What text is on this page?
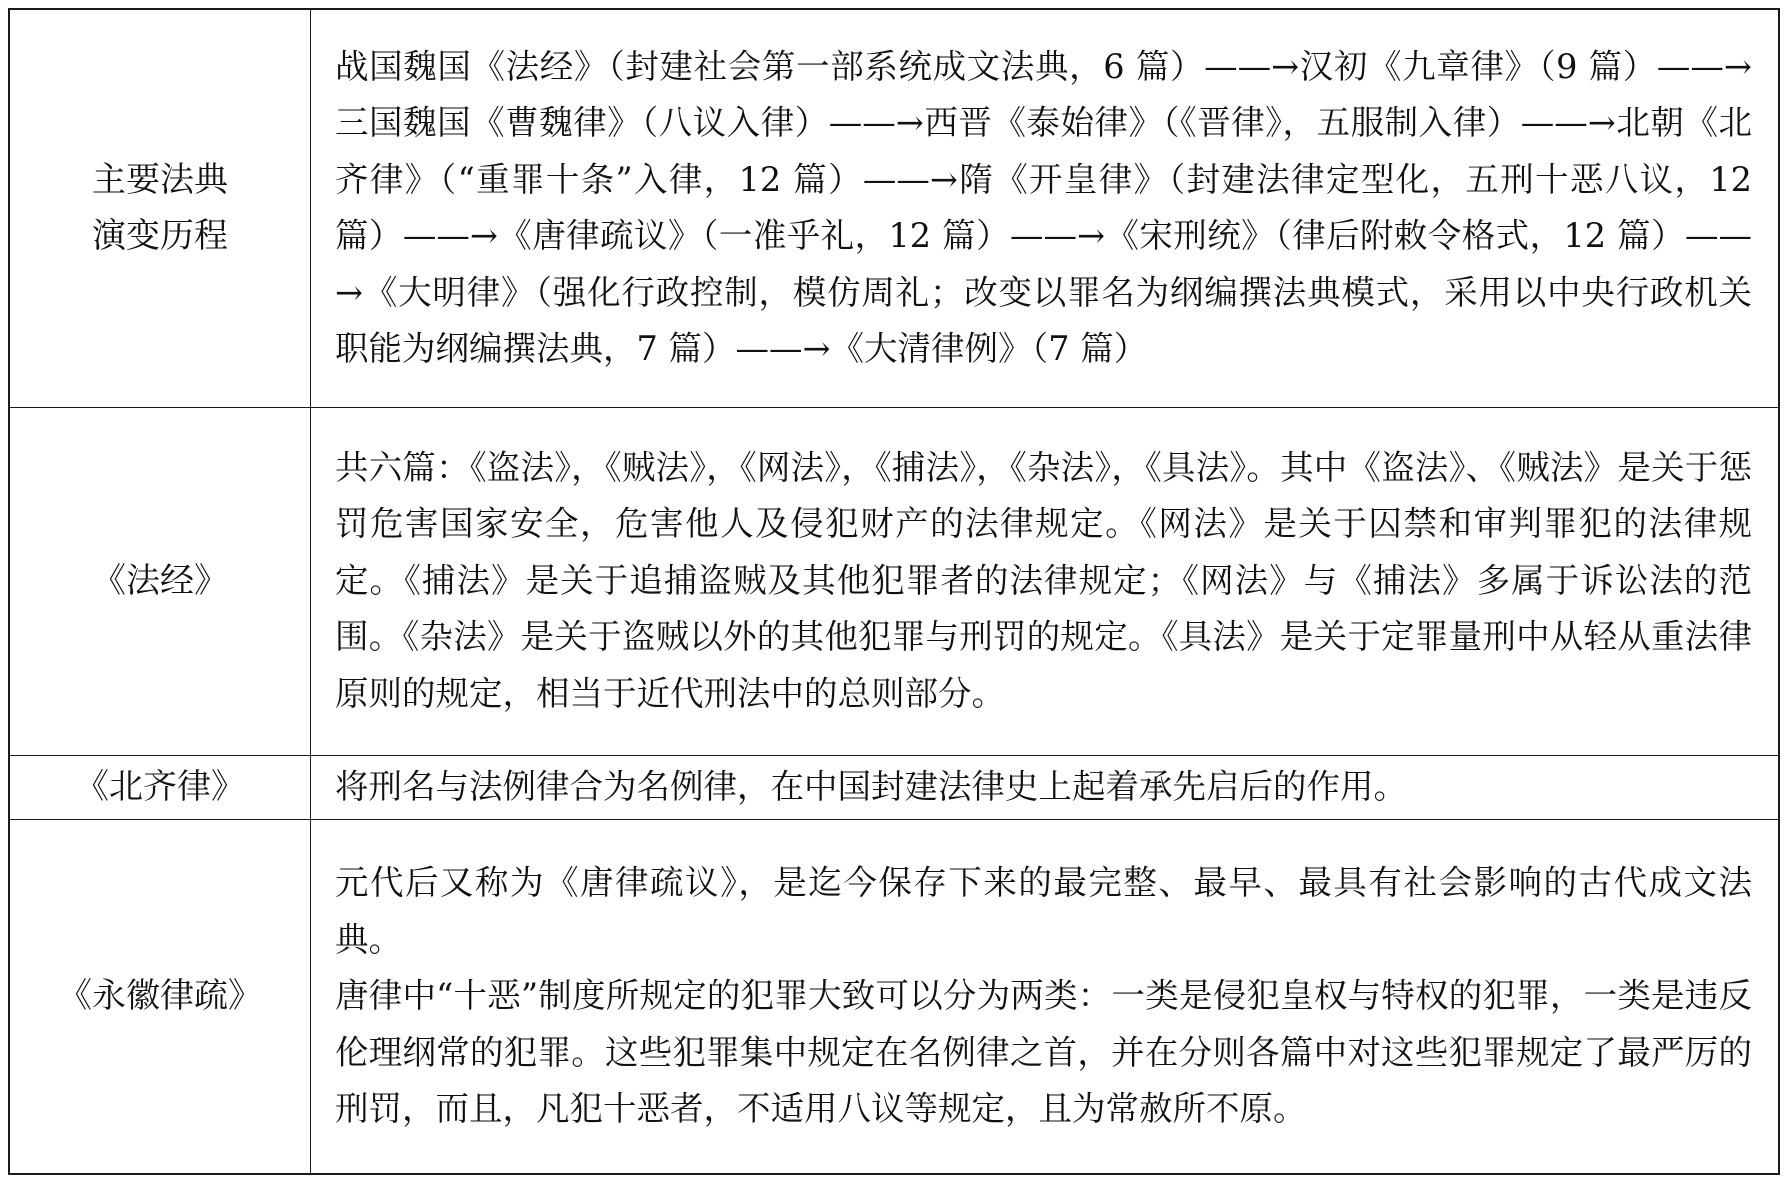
主要法典
演变历程	战国魏国《法经》（封建社会第一部系统成文法典，6 篇）——→汉初《九章律》（9 篇）——→三国魏国《曹魏律》（八议入律）——→西晋《泰始律》（《晋律》，五服制入律）——→北朝《北齐律》（“重罪十条”入律，12 篇）——→隋《开皇律》（封建法律定型化，五刑十恶八议，12 篇）——→《唐律疏议》（一准乎礼，12 篇）——→《宋刑统》（律后附敕令格式，12 篇）——→《大明律》（强化行政控制，模仿周礼；改变以罪名为纲编撰法典模式，采用以中央行政机关职能为纲编撰法典，7 篇）——→《大清律例》（7 篇）

《法经》	共六篇：《盗法》，《贼法》，《网法》，《捕法》，《杂法》，《具法》。其中《盗法》、《贼法》是关于惩罚危害国家安全，危害他人及侵犯财产的法律规定。《网法》是关于囚禁和审判罪犯的法律规定。《捕法》是关于追捕盗贼及其他犯罪者的法律规定；《网法》与《捕法》多属于诉讼法的范围。《杂法》是关于盗贼以外的其他犯罪与刑罚的规定。《具法》是关于定罪量刑中从轻从重法律原则的规定，相当于近代刑法中的总则部分。

《北齐律》	将刑名与法例律合为名例律，在中国封建法律史上起着承先启后的作用。

《永徽律疏》	元代后又称为《唐律疏议》，是迄今保存下来的最完整、最早、最具有社会影响的古代成文法典。

唐律中“十恶”制度所规定的犯罪大致可以分为两类：一类是侵犯皇权与特权的犯罪，一类是违反伦理纲常的犯罪。这些犯罪集中规定在名例律之首，并在分则各篇中对这些犯罪规定了最严厉的刑罚，而且，凡犯十恶者，不适用八议等规定，且为常赦所不原。
